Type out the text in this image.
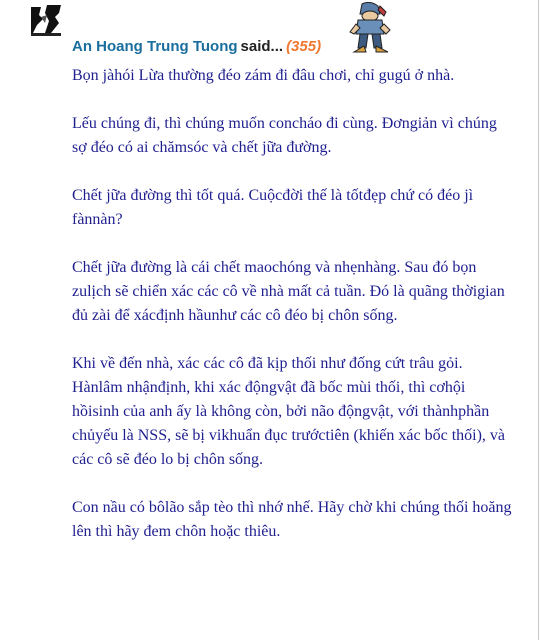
An Hoang Trung Tuong said... (355)

Bọn jàhói Lừa thường đéo zám đi đâu chơi, chỉ gugú ở nhà.

Lếu chúng đi, thì chúng muốn concháo đi cùng. Đơngiản vì chúng sợ đéo có ai chămsóc và chết jữa đường.

Chết jữa đường thì tốt quá. Cuộcđời thế là tốtđẹp chứ có đéo jì fànnàn?

Chết jữa đường là cái chết maochóng và nhẹnhàng. Sau đó bọn zulịch sẽ chiển xác các cô về nhà mất cả tuần. Đó là quãng thờigian đủ zài để xácđịnh hầunhư các cô đéo bị chôn sống.

Khi về đến nhà, xác các cô đã kịp thối như đống cứt trâu gỏi. Hànlâm nhậnđịnh, khi xác độngvật đã bốc mùi thối, thì cơhội hồisinh của anh ấy là không còn, bởi não độngvật, với thànhphần chủyếu là NSS, sẽ bị vikhuẩn đục trướctiên (khiến xác bốc thối), và các cô sẽ đéo lo bị chôn sống.

Con nầu có bôlão sắp tèo thì nhớ nhế. Hãy chờ khi chúng thối hoăng lên thì hãy đem chôn hoặc thiêu.
